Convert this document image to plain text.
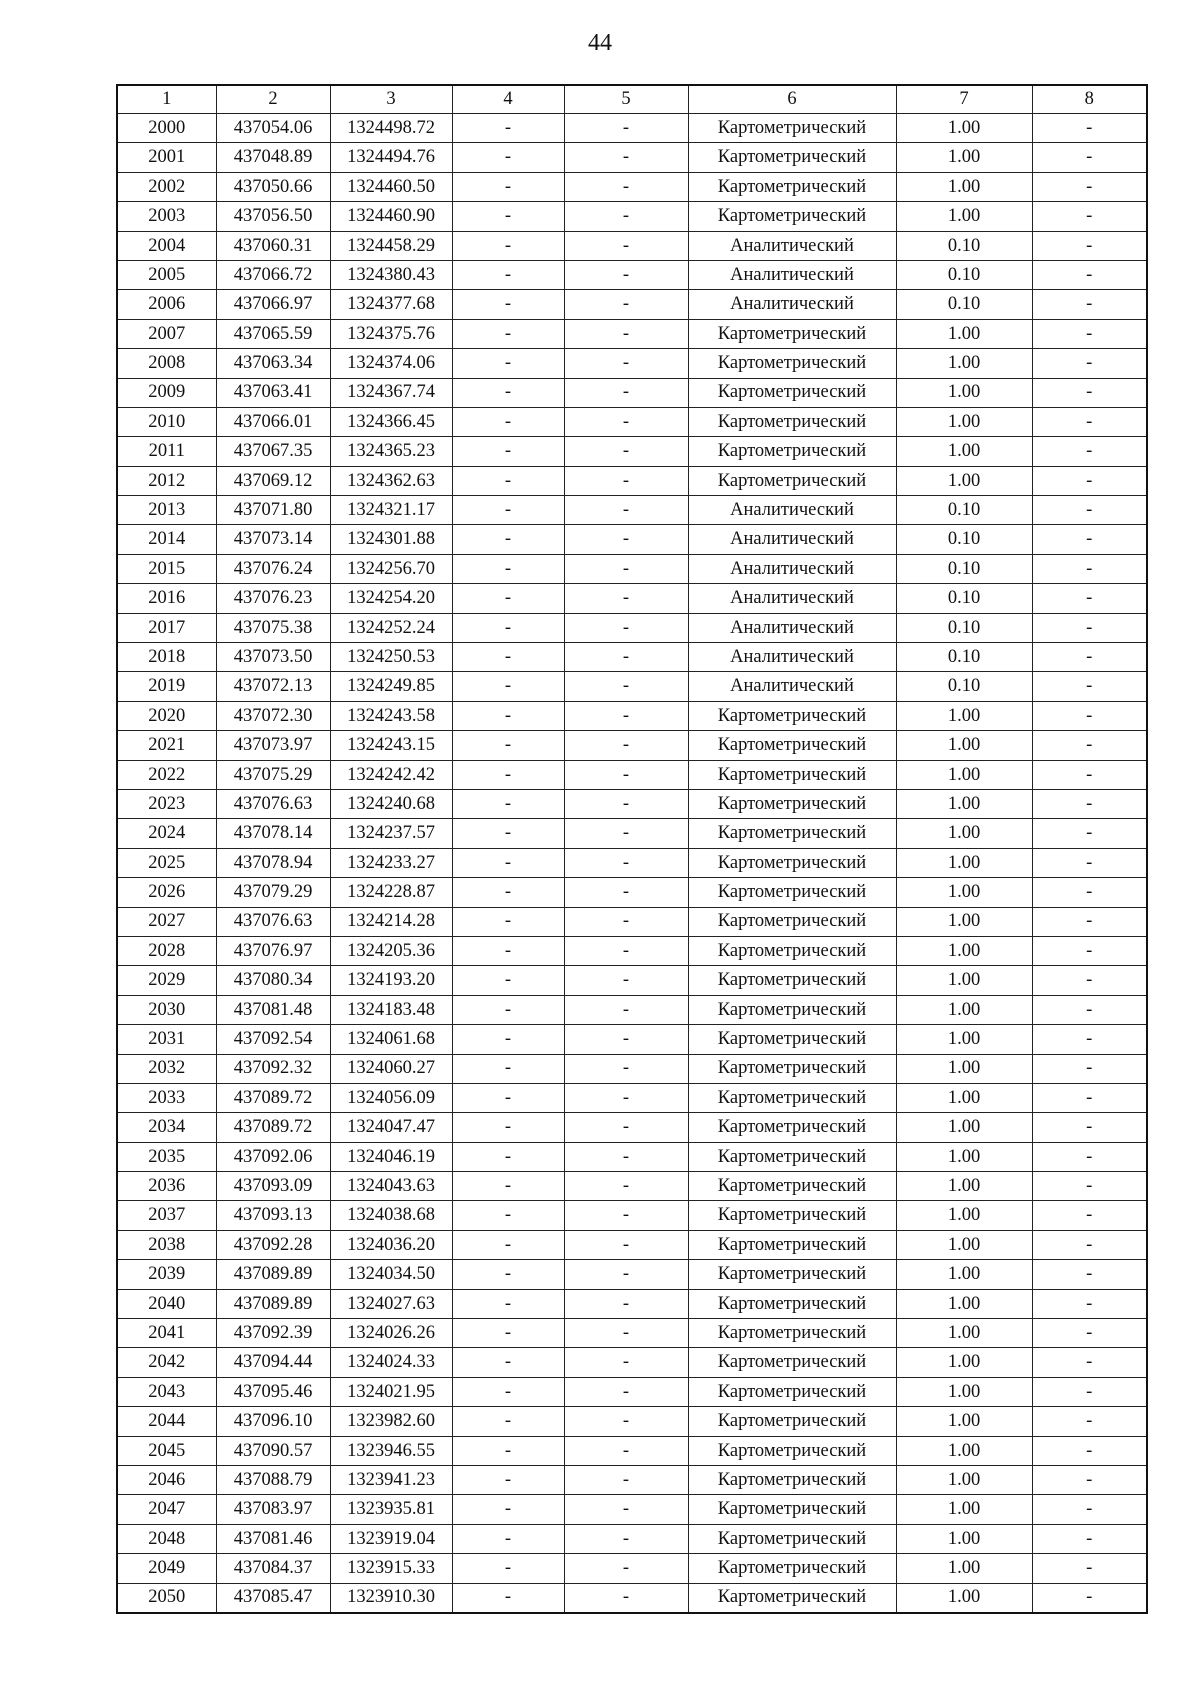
44
1	2	3	4	5	6	7	8
2000	437054.06	1324498.72	-	-	Картометрический	1.00	-
2001	437048.89	1324494.76	-	-	Картометрический	1.00	-
2002	437050.66	1324460.50	-	-	Картометрический	1.00	-
2003	437056.50	1324460.90	-	-	Картометрический	1.00	-
2004	437060.31	1324458.29	-	-	Аналитический	0.10	-
2005	437066.72	1324380.43	-	-	Аналитический	0.10	-
2006	437066.97	1324377.68	-	-	Аналитический	0.10	-
2007	437065.59	1324375.76	-	-	Картометрический	1.00	-
2008	437063.34	1324374.06	-	-	Картометрический	1.00	-
2009	437063.41	1324367.74	-	-	Картометрический	1.00	-
2010	437066.01	1324366.45	-	-	Картометрический	1.00	-
2011	437067.35	1324365.23	-	-	Картометрический	1.00	-
2012	437069.12	1324362.63	-	-	Картометрический	1.00	-
2013	437071.80	1324321.17	-	-	Аналитический	0.10	-
2014	437073.14	1324301.88	-	-	Аналитический	0.10	-
2015	437076.24	1324256.70	-	-	Аналитический	0.10	-
2016	437076.23	1324254.20	-	-	Аналитический	0.10	-
2017	437075.38	1324252.24	-	-	Аналитический	0.10	-
2018	437073.50	1324250.53	-	-	Аналитический	0.10	-
2019	437072.13	1324249.85	-	-	Аналитический	0.10	-
2020	437072.30	1324243.58	-	-	Картометрический	1.00	-
2021	437073.97	1324243.15	-	-	Картометрический	1.00	-
2022	437075.29	1324242.42	-	-	Картометрический	1.00	-
2023	437076.63	1324240.68	-	-	Картометрический	1.00	-
2024	437078.14	1324237.57	-	-	Картометрический	1.00	-
2025	437078.94	1324233.27	-	-	Картометрический	1.00	-
2026	437079.29	1324228.87	-	-	Картометрический	1.00	-
2027	437076.63	1324214.28	-	-	Картометрический	1.00	-
2028	437076.97	1324205.36	-	-	Картометрический	1.00	-
2029	437080.34	1324193.20	-	-	Картометрический	1.00	-
2030	437081.48	1324183.48	-	-	Картометрический	1.00	-
2031	437092.54	1324061.68	-	-	Картометрический	1.00	-
2032	437092.32	1324060.27	-	-	Картометрический	1.00	-
2033	437089.72	1324056.09	-	-	Картометрический	1.00	-
2034	437089.72	1324047.47	-	-	Картометрический	1.00	-
2035	437092.06	1324046.19	-	-	Картометрический	1.00	-
2036	437093.09	1324043.63	-	-	Картометрический	1.00	-
2037	437093.13	1324038.68	-	-	Картометрический	1.00	-
2038	437092.28	1324036.20	-	-	Картометрический	1.00	-
2039	437089.89	1324034.50	-	-	Картометрический	1.00	-
2040	437089.89	1324027.63	-	-	Картометрический	1.00	-
2041	437092.39	1324026.26	-	-	Картометрический	1.00	-
2042	437094.44	1324024.33	-	-	Картометрический	1.00	-
2043	437095.46	1324021.95	-	-	Картометрический	1.00	-
2044	437096.10	1323982.60	-	-	Картометрический	1.00	-
2045	437090.57	1323946.55	-	-	Картометрический	1.00	-
2046	437088.79	1323941.23	-	-	Картометрический	1.00	-
2047	437083.97	1323935.81	-	-	Картометрический	1.00	-
2048	437081.46	1323919.04	-	-	Картометрический	1.00	-
2049	437084.37	1323915.33	-	-	Картометрический	1.00	-
2050	437085.47	1323910.30	-	-	Картометрический	1.00	-
